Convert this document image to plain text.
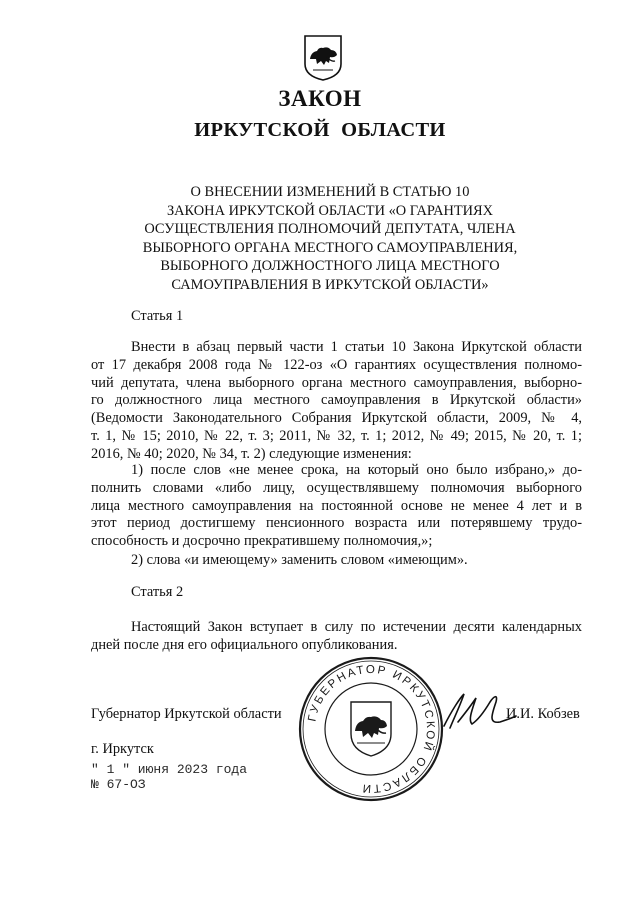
ЗАКОН
ИРКУТСКОЙ ОБЛАСТИ
О ВНЕСЕНИИ ИЗМЕНЕНИЙ В СТАТЬЮ 10
ЗАКОНА ИРКУТСКОЙ ОБЛАСТИ «О ГАРАНТИЯХ
ОСУЩЕСТВЛЕНИЯ ПОЛНОМОЧИЙ ДЕПУТАТА, ЧЛЕНА
ВЫБОРНОГО ОРГАНА МЕСТНОГО САМОУПРАВЛЕНИЯ,
ВЫБОРНОГО ДОЛЖНОСТНОГО ЛИЦА МЕСТНОГО
САМОУПРАВЛЕНИЯ В ИРКУТСКОЙ ОБЛАСТИ»
Статья 1
Внести в абзац первый части 1 статьи 10 Закона Иркутской области
от 17 декабря 2008 года № 122-оз «О гарантиях осуществления полномо-
чий депутата, члена выборного органа местного самоуправления, выборно-
го должностного лица местного самоуправления в Иркутской области»
(Ведомости Законодательного Собрания Иркутской области, 2009, № 4,
т. 1, № 15; 2010, № 22, т. 3; 2011, № 32, т. 1; 2012, № 49; 2015, № 20, т. 1;
2016, № 40; 2020, № 34, т. 2) следующие изменения:
1) после слов «не менее срока, на который оно было избрано,» до-
полнить словами «либо лицу, осуществлявшему полномочия выборного
лица местного самоуправления на постоянной основе не менее 4 лет и в
этот период достигшему пенсионного возраста или потерявшему трудо-
способность и досрочно прекратившему полномочия,»;
2) слова «и имеющему» заменить словом «имеющим».
Статья 2
Настоящий Закон вступает в силу по истечении десяти календарных
дней после дня его официального опубликования.
ГУБЕРНАТОР ИРКУТСКОЙ ОБЛАСТИ
Губернатор Иркутской области	И.И. Кобзев
г. Иркутск
" 1 " июня 2023 года
№ 67-ОЗ
